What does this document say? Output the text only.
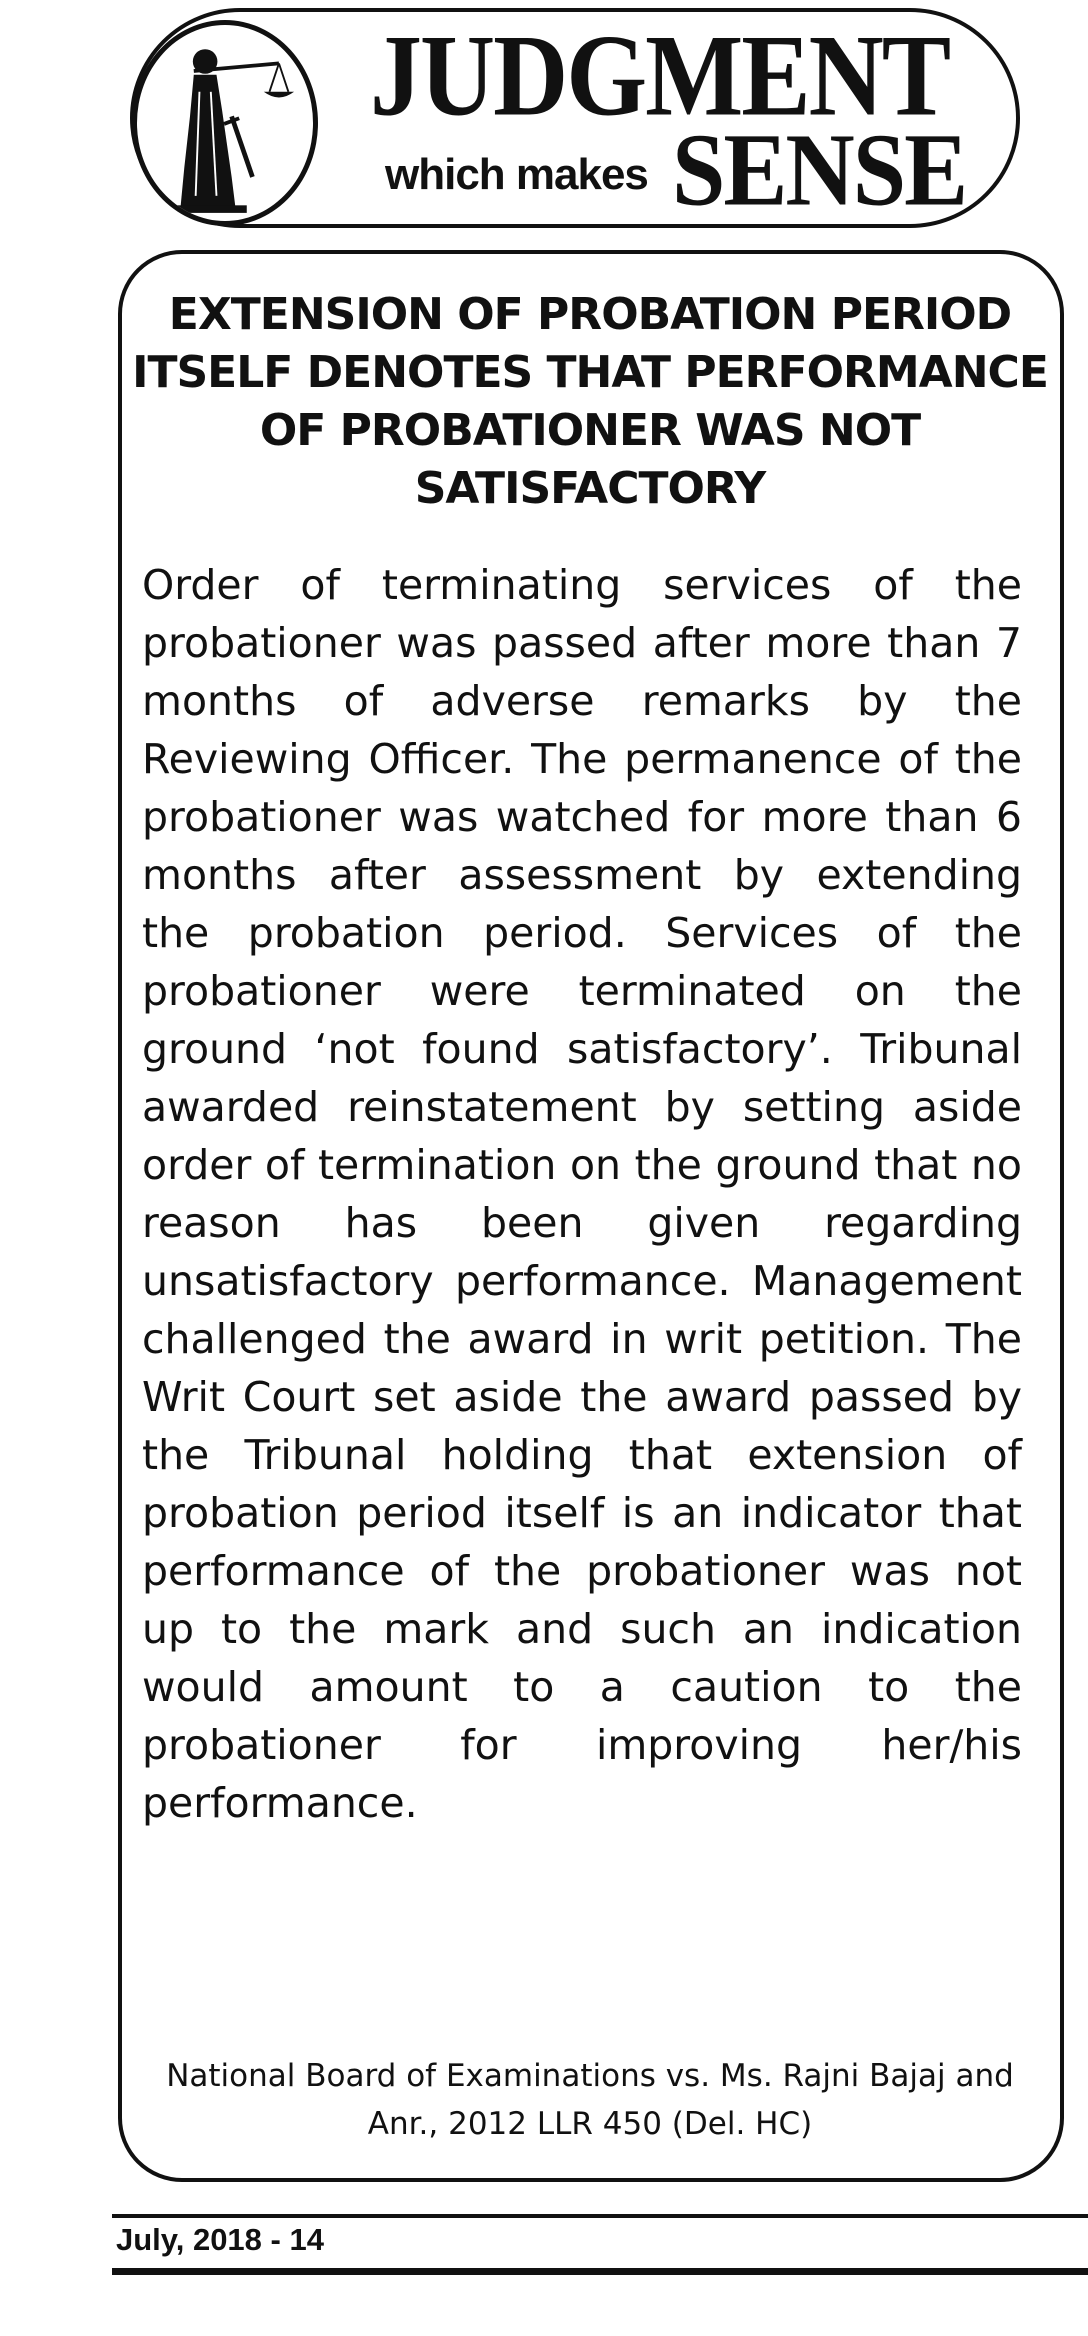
JUDGMENT
which makes SENSE
EXTENSION OF PROBATION PERIOD ITSELF DENOTES THAT PERFORMANCE OF PROBATIONER WAS NOT SATISFACTORY
Order of terminating services of the probationer was passed after more than 7 months of adverse remarks by the Reviewing Officer. The permanence of the probationer was watched for more than 6 months after assessment by extending the probation period. Services of the probationer were terminated on the ground ‘not found satisfactory’. Tribunal awarded reinstatement by setting aside order of termination on the ground that no reason has been given regarding unsatisfactory performance. Management challenged the award in writ petition. The Writ Court set aside the award passed by the Tribunal holding that extension of probation period itself is an indicator that performance of the probationer was not up to the mark and such an indication would amount to a caution to the probationer for improving her/his performance.
National Board of Examinations vs. Ms. Rajni Bajaj and Anr., 2012 LLR 450 (Del. HC)
July, 2018 - 14
